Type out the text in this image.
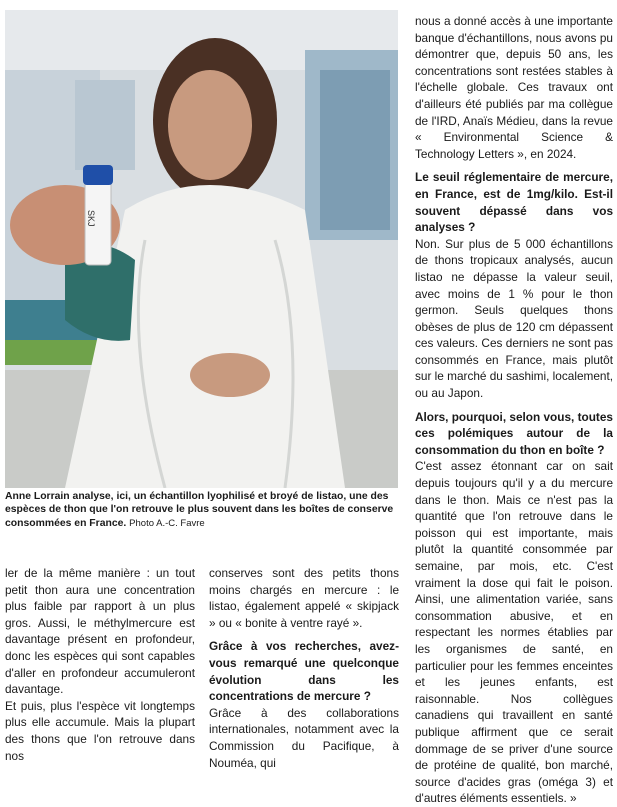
SKJ
Anne Lorrain analyse, ici, un échantillon lyophilisé et broyé de listao, une des espèces de thon que l'on retrouve le plus souvent dans les boîtes de conserve consommées en France. Photo A.-C. Favre

nous a donné accès à une importante banque d'échantillons, nous avons pu démontrer que, depuis 50 ans, les concentrations sont restées stables à l'échelle globale. Ces travaux ont d'ailleurs été publiés par ma collègue de l'IRD, Anaïs Médieu, dans la revue « Environmental Science & Technology Letters », en 2024.

Le seuil réglementaire de mercure, en France, est de 1mg/kilo. Est-il souvent dépassé dans vos analyses ?

Non. Sur plus de 5 000 échantillons de thons tropicaux analysés, aucun listao ne dépasse la valeur seuil, avec moins de 1 % pour le thon germon. Seuls quelques thons obèses de plus de 120 cm dépassent ces valeurs. Ces derniers ne sont pas consommés en France, mais plutôt sur le marché du sashimi, localement, ou au Japon.

Alors, pourquoi, selon vous, toutes ces polémiques autour de la consommation du thon en boîte ?

C'est assez étonnant car on sait depuis toujours qu'il y a du mercure dans le thon. Mais ce n'est pas la quantité que l'on retrouve dans le poisson qui est importante, mais plutôt la quantité consommée par semaine, par mois, etc. C'est vraiment la dose qui fait le poison. Ainsi, une alimentation variée, sans consommation abusive, et en respectant les normes établies par les organismes de santé, en particulier pour les femmes enceintes et les jeunes enfants, est raisonnable. Nos collègues canadiens qui travaillent en santé publique affirment que ce serait dommage de se priver d'une source de protéine de qualité, bon marché, source d'acides gras (oméga 3) et d'autres éléments essentiels. »

ler de la même manière : un tout petit thon aura une concentration plus faible par rapport à un plus gros. Aussi, le méthylmercure est davantage présent en profondeur, donc les espèces qui sont capables d'aller en profondeur accumuleront davantage.

Et puis, plus l'espèce vit longtemps plus elle accumule. Mais la plupart des thons que l'on retrouve dans nos

conserves sont des petits thons moins chargés en mercure : le listao, également appelé « skipjack » ou « bonite à ventre rayé ».

Grâce à vos recherches, avez-vous remarqué une quelconque évolution dans les concentrations de mercure ?

Grâce à des collaborations internationales, notamment avec la Commission du Pacifique, à Nouméa, qui
